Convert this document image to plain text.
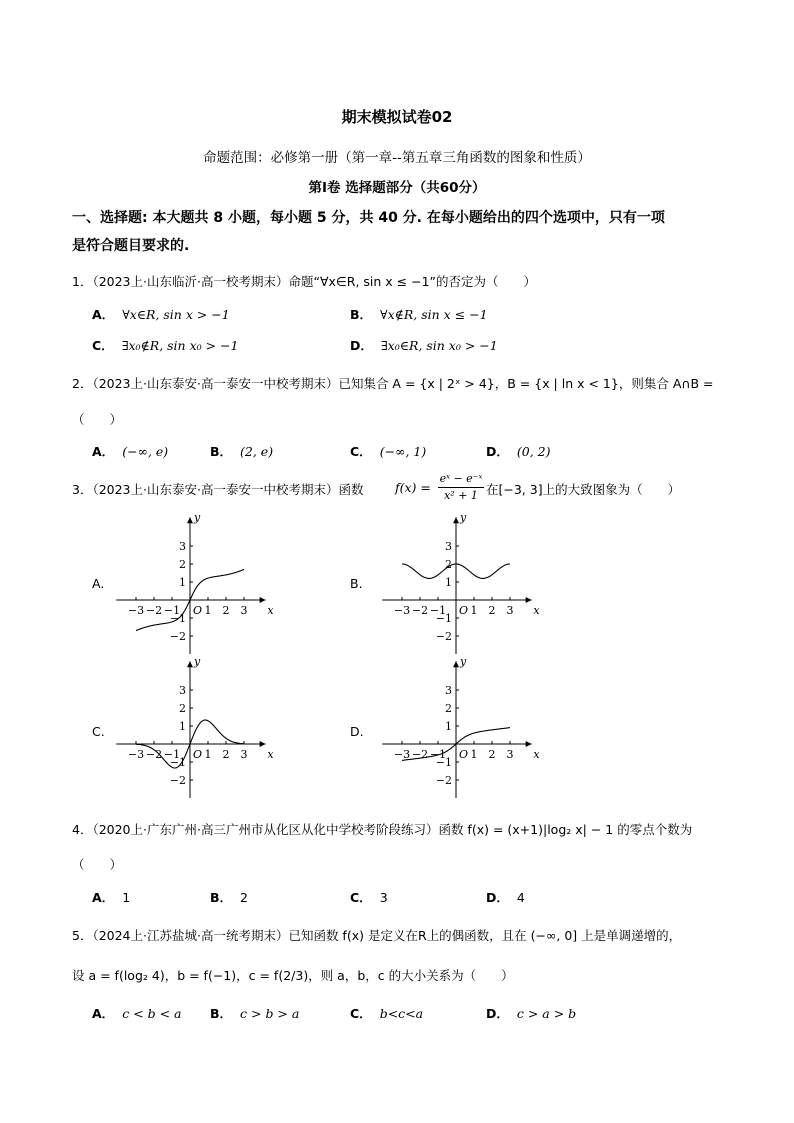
期末模拟试卷02
命题范围：必修第一册（第一章--第五章三角函数的图象和性质）
第Ⅰ卷 选择题部分（共60分）
一、选择题: 本大题共 8 小题，每小题 5 分，共 40 分. 在每小题给出的四个选项中，只有一项
是符合题目要求的.
1．（2023上·山东临沂·高一校考期末）命题“∀x∈R, sin x ≤ −1”的否定为（　　）
A． ∀x∈R, sin x > −1	B． ∀x∉R, sin x ≤ −1
C． ∃x₀∉R, sin x₀ > −1	D． ∃x₀∈R, sin x₀ > −1
2．（2023上·山东泰安·高一泰安一中校考期末）已知集合 A = {x | 2ˣ > 4}，B = {x | ln x < 1}，则集合 A∩B =
（　　）
A． (−∞, e)	B． (2, e)	C． (−∞, 1)	D． (0, 2)
3．（2023上·山东泰安·高一泰安一中校考期末）函数	f(x) =
eˣ − e⁻ˣ
x² + 1 在[−3, 3]上的大致图象为（　　）
A.	B.
C.	D.
−3 −2 −1 1 2 3
3
2
1
−1
−2
O	x
y
−3 −2 −1 1 2 3
3
2
1
−1
−2
O	x
y
−3 −2 −1 1 2 3
3
2
1
−1
−2
O	x
y
−3 −2 −1 1 2 3
3
2
1
−1
−2
O	x
y
4．（2020上·广东广州·高三广州市从化区从化中学校考阶段练习）函数 f(x) = (x+1)|log₂ x| − 1 的零点个数为
（　　）
A． 1	B． 2	C． 3	D． 4
5．（2024上·江苏盐城·高一统考期末）已知函数 f(x) 是定义在R上的偶函数，且在 (−∞, 0] 上是单调递增的，
设 a = f(log₂ 4)，b = f(−1)，c = f(2/3)，则 a，b，c 的大小关系为（　　）
A． c < b < a B． c > b > a	C． b<c<a	D． c > a > b
